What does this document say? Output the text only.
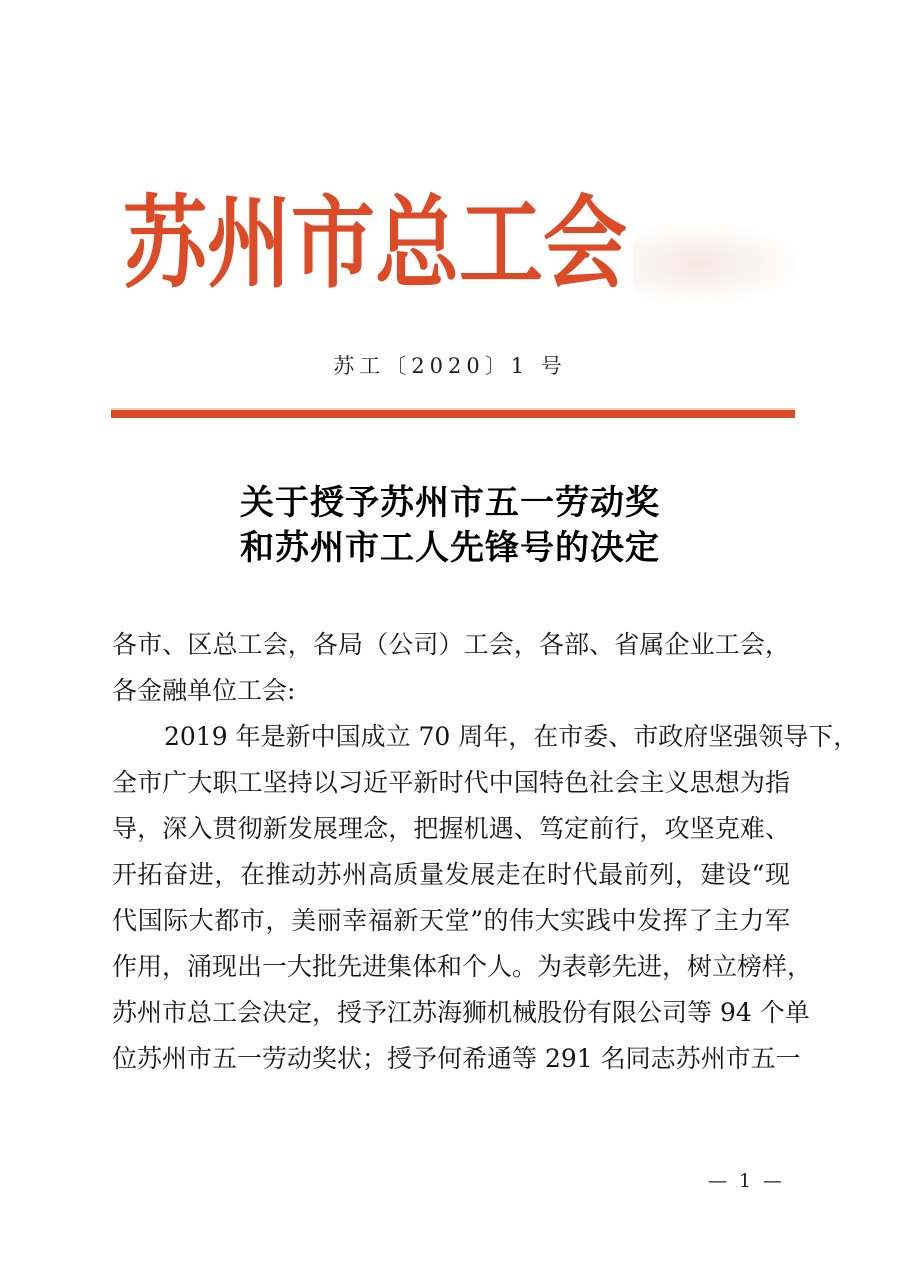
苏州市总工会
苏工〔2020〕1 号
关于授予苏州市五一劳动奖
和苏州市工人先锋号的决定
各市、区总工会，各局（公司）工会，各部、省属企业工会，
各金融单位工会:
2019 年是新中国成立 70 周年，在市委、市政府坚强领导下，
全市广大职工坚持以习近平新时代中国特色社会主义思想为指
导，深入贯彻新发展理念，把握机遇、笃定前行，攻坚克难、
开拓奋进，在推动苏州高质量发展走在时代最前列，建设“现
代国际大都市，美丽幸福新天堂”的伟大实践中发挥了主力军
作用，涌现出一大批先进集体和个人。为表彰先进，树立榜样，
苏州市总工会决定，授予江苏海狮机械股份有限公司等 94 个单
位苏州市五一劳动奖状；授予何希通等 291 名同志苏州市五一
— 1 —
